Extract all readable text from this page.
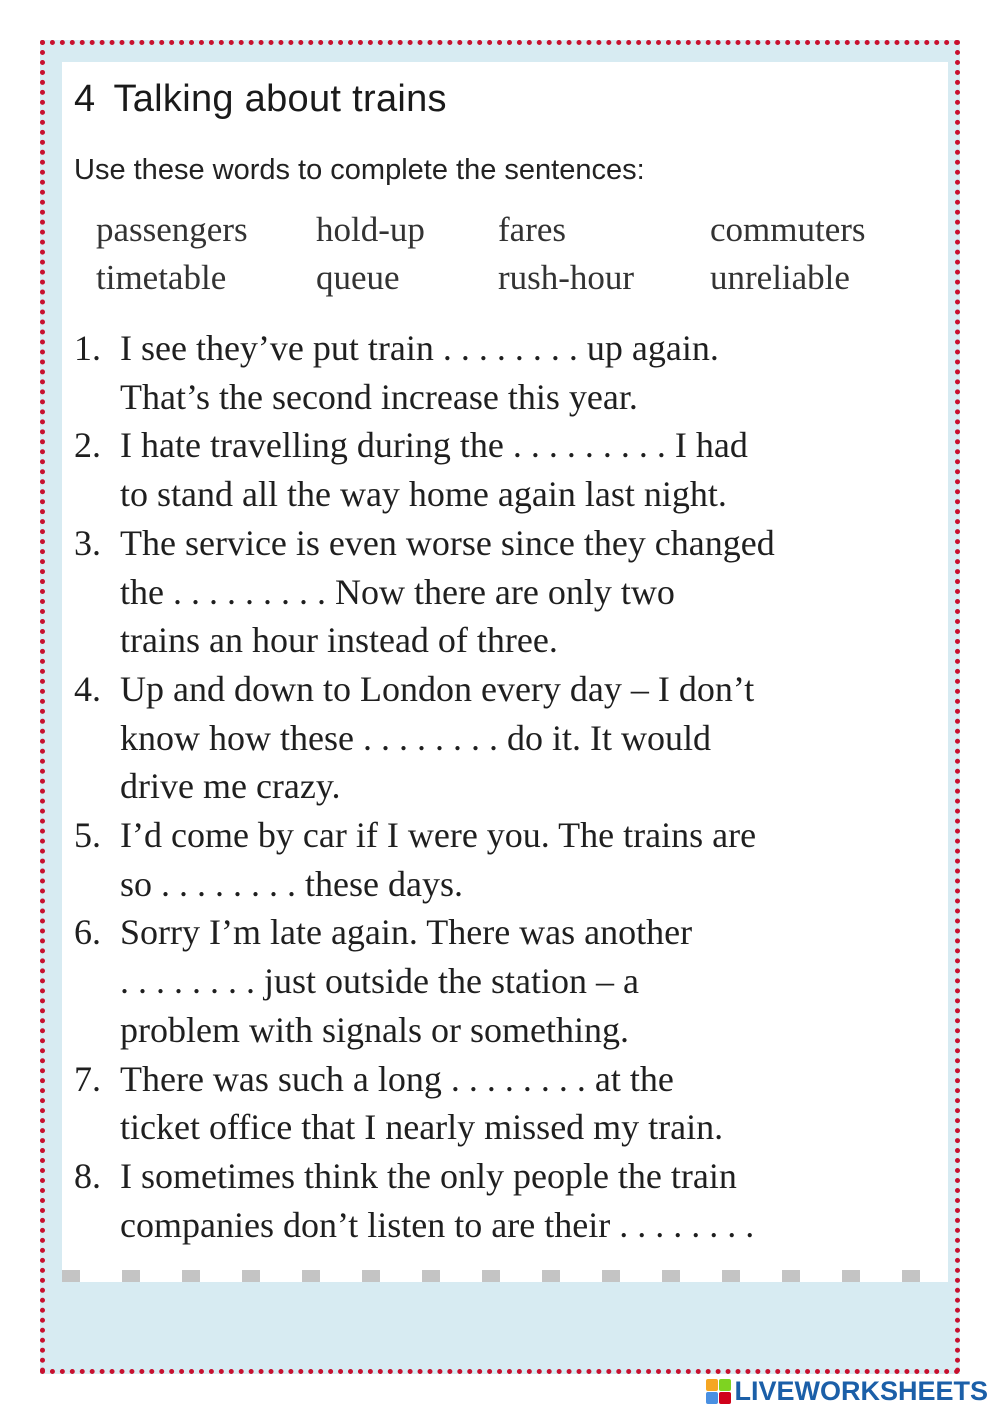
4 Talking about trains

Use these words to complete the sentences:

passengers	hold-up	fares	commuters
timetable	queue	rush-hour	unreliable
1. I see they’ve put train . . . . . . . . up again.
That’s the second increase this year.
2. I hate travelling during the . . . . . . . . . I had
to stand all the way home again last night.
3. The service is even worse since they changed
the . . . . . . . . . Now there are only two
trains an hour instead of three.
4. Up and down to London every day – I don’t
know how these . . . . . . . . do it. It would
drive me crazy.
5. I’d come by car if I were you. The trains are
so . . . . . . . . these days.
6. Sorry I’m late again. There was another
. . . . . . . . just outside the station – a
problem with signals or something.
7. There was such a long . . . . . . . . at the
ticket office that I nearly missed my train.
8. I sometimes think the only people the train
companies don’t listen to are their . . . . . . . .
LIVEWORKSHEETS
